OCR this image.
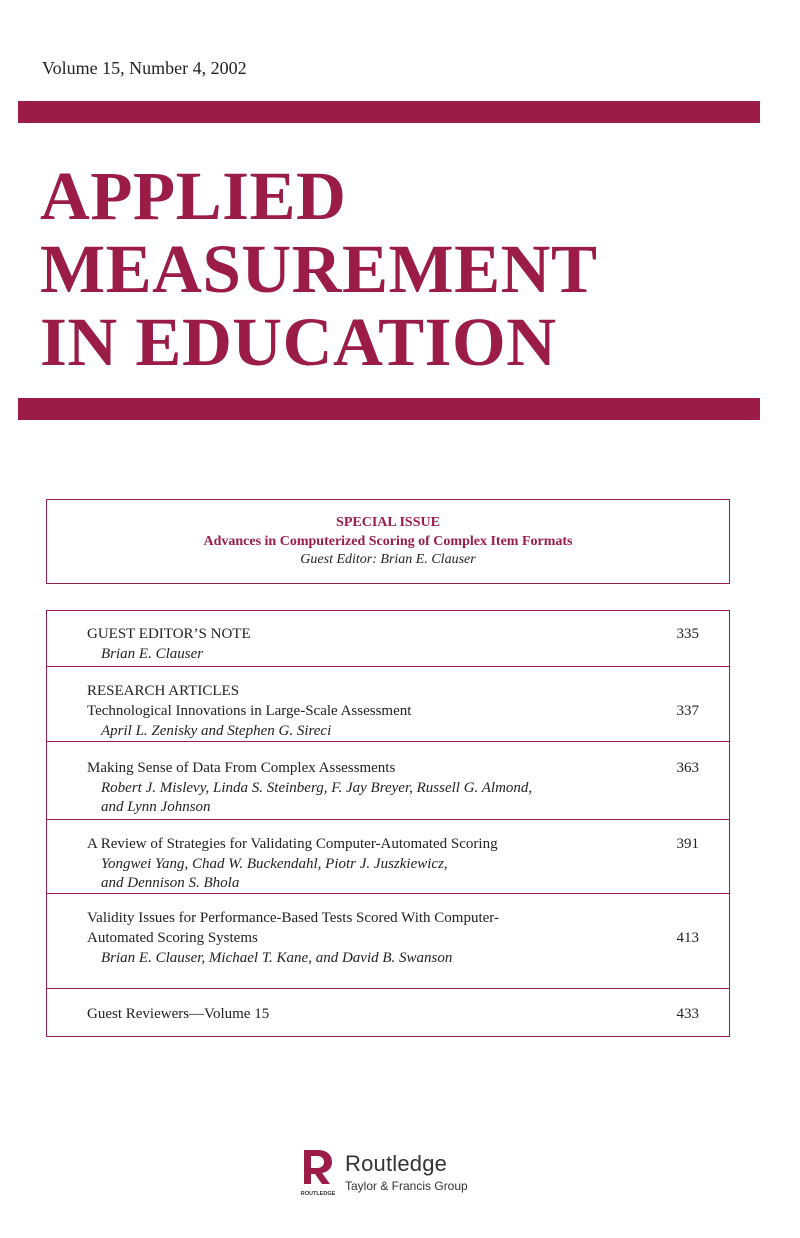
Volume 15, Number 4, 2002
APPLIED
MEASUREMENT
IN EDUCATION
SPECIAL ISSUE
Advances in Computerized Scoring of Complex Item Formats
Guest Editor: Brian E. Clauser
GUEST EDITOR’S NOTE	335
Brian E. Clauser
RESEARCH ARTICLES
Technological Innovations in Large-Scale Assessment	337
April L. Zenisky and Stephen G. Sireci
Making Sense of Data From Complex Assessments	363
Robert J. Mislevy, Linda S. Steinberg, F. Jay Breyer, Russell G. Almond,
and Lynn Johnson
A Review of Strategies for Validating Computer-Automated Scoring	391
Yongwei Yang, Chad W. Buckendahl, Piotr J. Juszkiewicz,
and Dennison S. Bhola
Validity Issues for Performance-Based Tests Scored With Computer-
Automated Scoring Systems	413
Brian E. Clauser, Michael T. Kane, and David B. Swanson
Guest Reviewers—Volume 15	433
ROUTLEDGE
Routledge
Taylor & Francis Group
